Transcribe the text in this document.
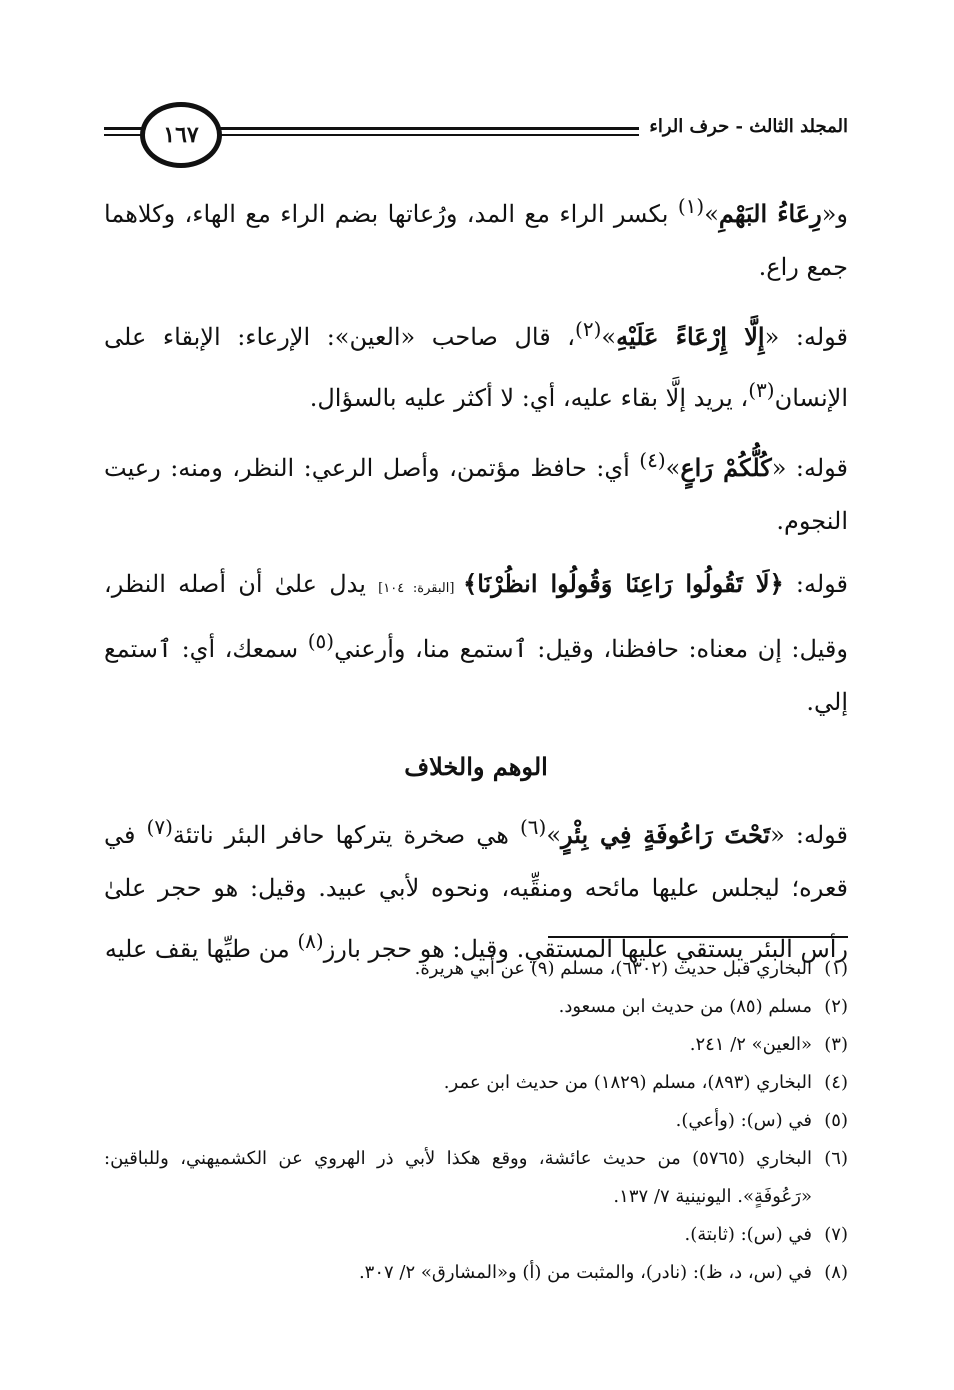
١٦٧	المجلد الثالث - حرف الراء

و«رِعَاءُ البَهْمِ»$^{(١)}$ بكسر الراء مع المد، ورُعاتها بضم الراء مع الهاء، وكلاهما جمع راع.

قوله: «إِلَّا إِرْعَاءً عَلَيْهِ»$^{(٢)}$، قال صاحب «العين»: الإرعاء: الإبقاء على الإنسان$^{(٣)}$، يريد إلَّا بقاء عليه، أي: لا أكثر عليه بالسؤال.

قوله: «كُلُّكُمْ رَاعٍ»$^{(٤)}$ أي: حافظ مؤتمن، وأصل الرعي: النظر، ومنه: رعيت النجوم.

قوله: ﴿لَا تَقُولُوا رَاعِنَا وَقُولُوا انظُرْنَا﴾ [البقرة: ١٠٤] يدل علىٰ أن أصله النظر، وقيل: إن معناه: حافظنا، وقيل: ٱستمع منا، وأرعني$^{(٥)}$ سمعك، أي: ٱستمع إلي.

الوهم والخلاف

قوله: «تَحْتَ رَاعُوفَةٍ فِي بِئْرٍ»$^{(٦)}$ هي صخرة يتركها حافر البئر ناتئة$^{(٧)}$ في قعره؛ ليجلس عليها مائحه ومنقِّيه، ونحوه لأبي عبيد. وقيل: هو حجر علىٰ رأس البئر يستقي عليها المستقي. وقيل: هو حجر بارز$^{(٨)}$ من طيِّها يقف عليه

(١)
البخاري قبل حديث (٦٣٠٢)، مسلم (٩) عن أبي هريرة.
(٢)
مسلم (٨٥) من حديث ابن مسعود.
(٣)
«العين» ٢/ ٢٤١.
(٤)
البخاري (٨٩٣)، مسلم (١٨٢٩) من حديث ابن عمر.
(٥)
في (س): (وأعي).
(٦)
البخاري (٥٧٦٥) من حديث عائشة، ووقع هكذا لأبي ذر الهروي عن الكشميهني، وللباقين: «رَعُوفَةٍ». اليونينية ٧/ ١٣٧.
(٧)
في (س): (ثابتة).
(٨)
في (س، د، ظ): (نادر)، والمثبت من (أ) و«المشارق» ٢/ ٣٠٧.
